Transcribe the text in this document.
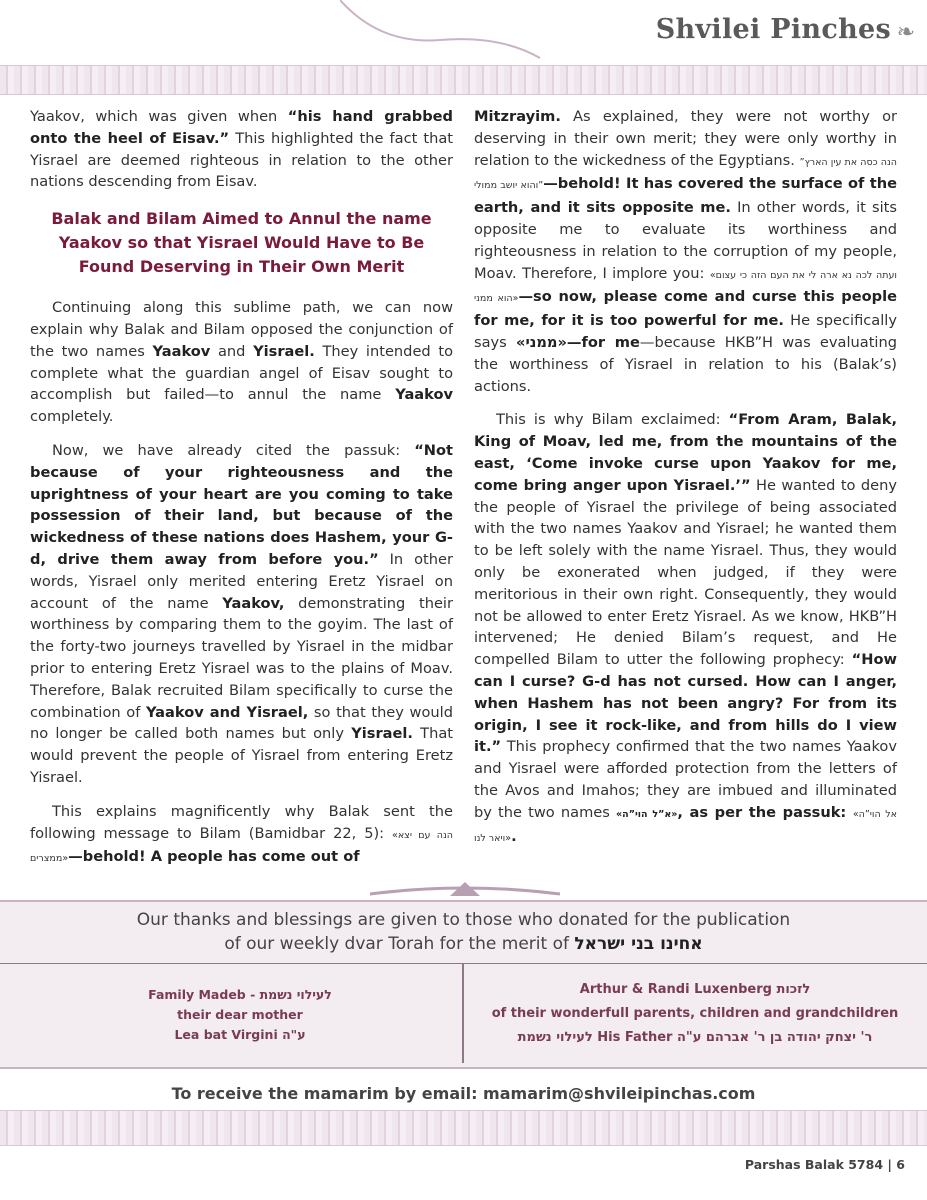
Shvilei Pinches ❧

Yaakov, which was given when “his hand grabbed onto the heel of Eisav.” This highlighted the fact that Yisrael are deemed righteous in relation to the other nations descending from Eisav.

Balak and Bilam Aimed to Annul the name Yaakov so that Yisrael Would Have to Be Found Deserving in Their Own Merit

Continuing along this sublime path, we can now explain why Balak and Bilam opposed the conjunction of the two names Yaakov and Yisrael. They intended to complete what the guardian angel of Eisav sought to accomplish but failed—to annul the name Yaakov completely.

Now, we have already cited the passuk: “Not because of your righteousness and the uprightness of your heart are you coming to take possession of their land, but because of the wickedness of these nations does Hashem, your G-d, drive them away from before you.” In other words, Yisrael only merited entering Eretz Yisrael on account of the name Yaakov, demonstrating their worthiness by comparing them to the goyim. The last of the forty-two journeys travelled by Yisrael in the midbar prior to entering Eretz Yisrael was to the plains of Moav. Therefore, Balak recruited Bilam specifically to curse the combination of Yaakov and Yisrael, so that they would no longer be called both names but only Yisrael. That would prevent the people of Yisrael from entering Eretz Yisrael.

This explains magnificently why Balak sent the following message to Bilam (Bamidbar 22, 5): «הנה עם יצא ממצרים»—behold! A people has come out of

Mitzrayim. As explained, they were not worthy or deserving in their own merit; they were only worthy in relation to the wickedness of the Egyptians. ”הנה כסה את עין הארץ והוא יושב ממולי”—behold! It has covered the surface of the earth, and it sits opposite me. In other words, it sits opposite me to evaluate its worthiness and righteousness in relation to the corruption of my people, Moav. Therefore, I implore you: «ועתה לכה נא ארה לי את העם הזה כי עצום הוא ממני»—so now, please come and curse this people for me, for it is too powerful for me. He specifically says «ממני»—for me—because HKB”H was evaluating the worthiness of Yisrael in relation to his (Balak’s) actions.

This is why Bilam exclaimed: “From Aram, Balak, King of Moav, led me, from the mountains of the east, ‘Come invoke curse upon Yaakov for me, come bring anger upon Yisrael.’” He wanted to deny the people of Yisrael the privilege of being associated with the two names Yaakov and Yisrael; he wanted them to be left solely with the name Yisrael. Thus, they would only be exonerated when judged, if they were meritorious in their own right. Consequently, they would not be allowed to enter Eretz Yisrael. As we know, HKB”H intervened; He denied Bilam’s request, and He compelled Bilam to utter the following prophecy: “How can I curse? G-d has not cursed. How can I anger, when Hashem has not been angry? For from its origin, I see it rock-like, and from hills do I view it.” This prophecy confirmed that the two names Yaakov and Yisrael were afforded protection from the letters of the Avos and Imahos; they are imbued and illuminated by the two names «א”ל הוי”ה», as per the passuk: «אל הוי”ה ויאר לנו».

Our thanks and blessings are given to those who donated for the publication
of our weekly dvar Torah for the merit of אחינו בני ישראל
Family Madeb - לעילוי נשמת
their dear mother
Lea bat Virgini ע"ה
Arthur & Randi Luxenberg לזכות
of their wonderfull parents, children and grandchildren
לעילוי נשמת His Father ר' יצחק יהודה בן ר' אברהם ע"ה
To receive the mamarim by email: mamarim@shvileipinchas.com
Parshas Balak 5784 | 6
